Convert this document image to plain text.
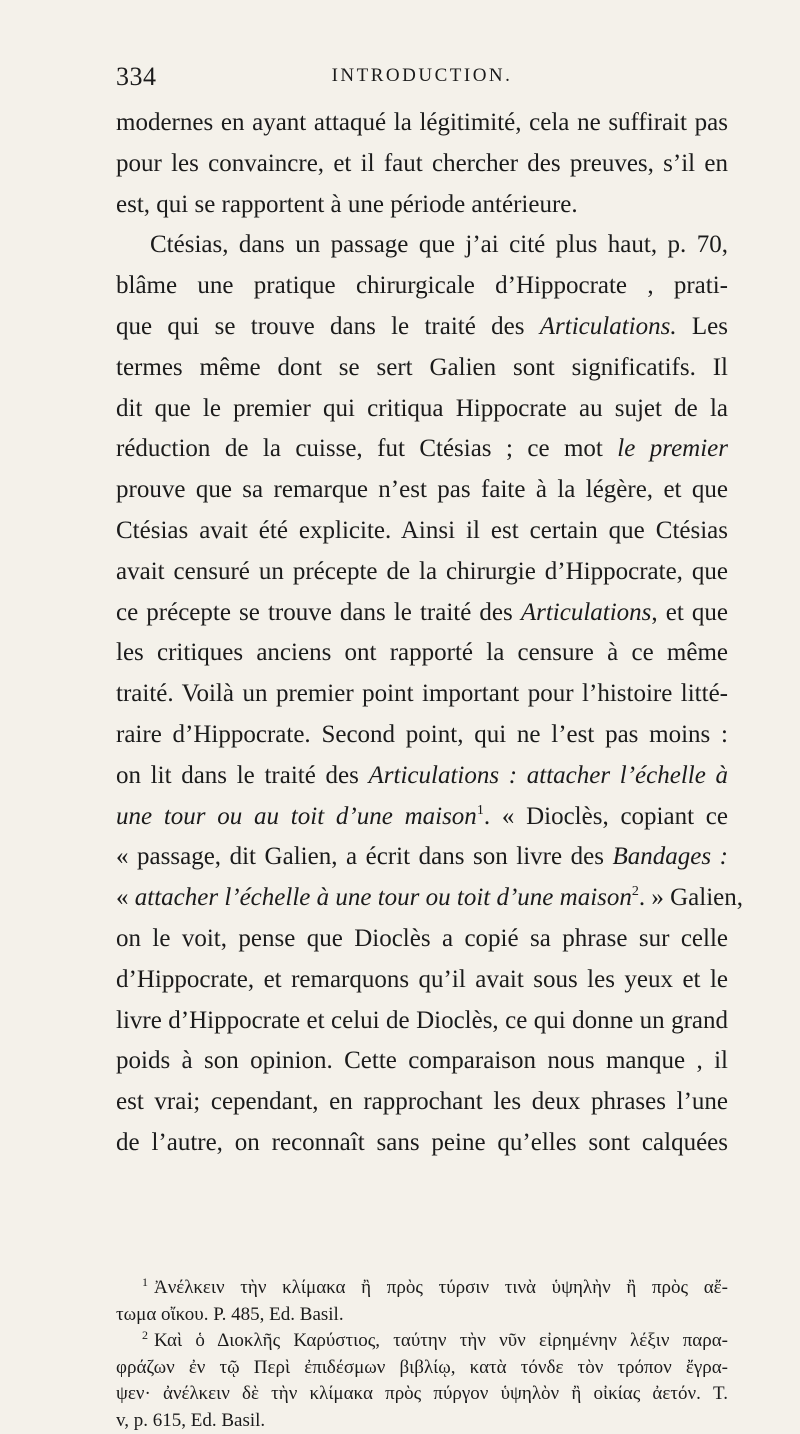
334	INTRODUCTION.
modernes en ayant attaqué la légitimité, cela ne suffirait pas
pour les convaincre, et il faut chercher des preuves, s’il en
est, qui se rapportent à une période antérieure.
Ctésias, dans un passage que j’ai cité plus haut, p. 70,
blâme une pratique chirurgicale d’Hippocrate , prati-
que qui se trouve dans le traité des Articulations. Les
termes même dont se sert Galien sont significatifs. Il
dit que le premier qui critiqua Hippocrate au sujet de la
réduction de la cuisse, fut Ctésias ; ce mot le premier
prouve que sa remarque n’est pas faite à la légère, et que
Ctésias avait été explicite. Ainsi il est certain que Ctésias
avait censuré un précepte de la chirurgie d’Hippocrate, que
ce précepte se trouve dans le traité des Articulations, et que
les critiques anciens ont rapporté la censure à ce même
traité. Voilà un premier point important pour l’histoire litté-
raire d’Hippocrate. Second point, qui ne l’est pas moins :
on lit dans le traité des Articulations : attacher l’échelle à
une tour ou au toit d’une maison$^1$. « Dioclès, copiant ce
« passage, dit Galien, a écrit dans son livre des Bandages :
« attacher l’échelle à une tour ou toit d’une maison$^2$. » Galien,
on le voit, pense que Dioclès a copié sa phrase sur celle
d’Hippocrate, et remarquons qu’il avait sous les yeux et le
livre d’Hippocrate et celui de Dioclès, ce qui donne un grand
poids à son opinion. Cette comparaison nous manque , il
est vrai; cependant, en rapprochant les deux phrases l’une
de l’autre, on reconnaît sans peine qu’elles sont calquées
$^1$ Ἀνέλκειν τὴν κλίμακα ἢ πρὸς τύρσιν τινὰ ὑψηλὴν ἢ πρὸς αἔ-
τωμα οἴκου. P. 485, Ed. Basil.
$^2$ Καὶ ὁ Διοκλῆς Καρύστιος, ταύτην τὴν νῦν εἰρημένην λέξιν παρα-
φράζων ἐν τῷ Περὶ ἐπιδέσμων βιβλίῳ, κατὰ τόνδε τὸν τρόπον ἔγρα-
ψεν· ἀνέλκειν δὲ τὴν κλίμακα πρὸς πύργον ὑψηλὸν ἢ οἰκίας ἀετόν. T.
v, p. 615, Ed. Basil.
